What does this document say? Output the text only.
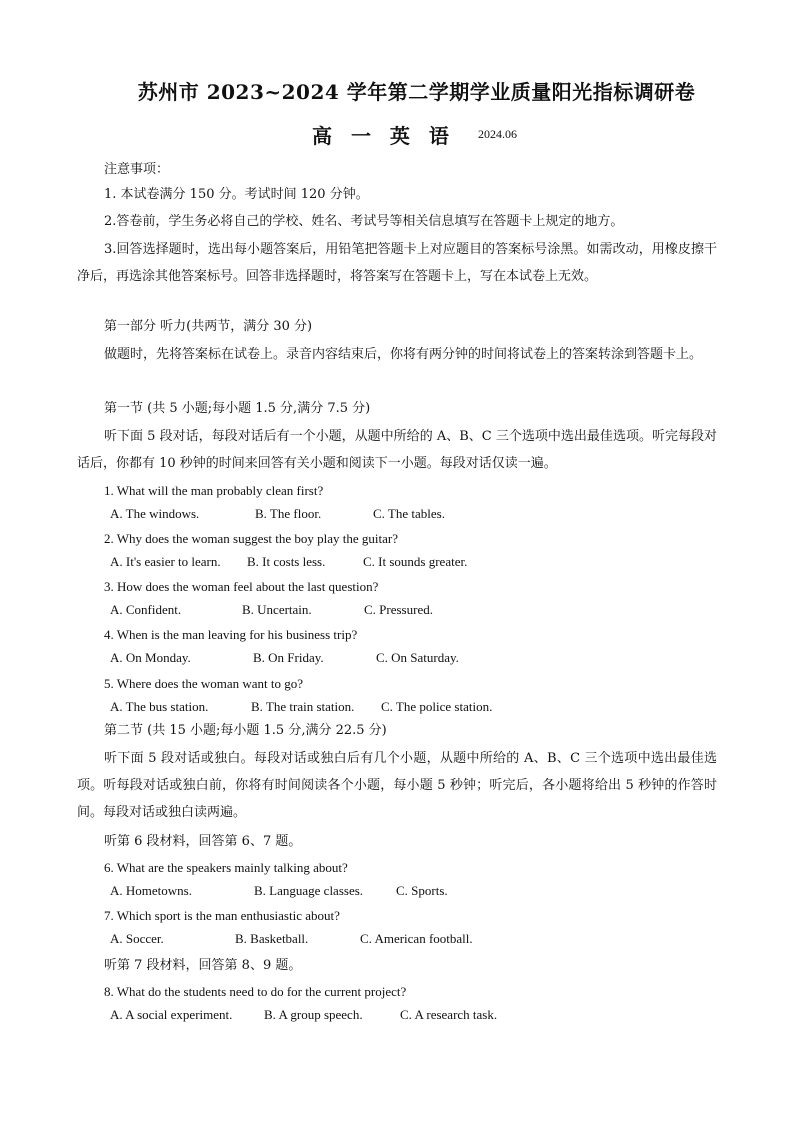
苏州市 2023~2024 学年第二学期学业质量阳光指标调研卷
高 一 英 语 2024.06
注意事项：
1. 本试卷满分 150 分。考试时间 120 分钟。
2.答卷前，学生务必将自己的学校、姓名、考试号等相关信息填写在答题卡上规定的地方。
3.回答选择题时，选出每小题答案后，用铅笔把答题卡上对应题目的答案标号涂黑。如需改动，用橡皮擦干净后，再选涂其他答案标号。回答非选择题时，将答案写在答题卡上，写在本试卷上无效。
第一部分 听力(共两节，满分 30 分)
做题时，先将答案标在试卷上。录音内容结束后，你将有两分钟的时间将试卷上的答案转涂到答题卡上。
第一节 (共 5 小题;每小题 1.5 分,满分 7.5 分)
听下面 5 段对话，每段对话后有一个小题，从题中所给的 A、B、C 三个选项中选出最佳选项。听完每段对话后，你都有 10 秒钟的时间来回答有关小题和阅读下一小题。每段对话仅读一遍。
1. What will the man probably clean first?
A. The windows.	B. The floor.	C. The tables.
2. Why does the woman suggest the boy play the guitar?
A. It's easier to learn. B. It costs less.	C. It sounds greater.
3. How does the woman feel about the last question?
A. Confident.	B. Uncertain.	C. Pressured.
4. When is the man leaving for his business trip?
A. On Monday.	B. On Friday.	C. On Saturday.
5. Where does the woman want to go?
A. The bus station.	B. The train station. C. The police station.
第二节 (共 15 小题;每小题 1.5 分,满分 22.5 分)
听下面 5 段对话或独白。每段对话或独白后有几个小题，从题中所给的 A、B、C 三个选项中选出最佳选项。听每段对话或独白前，你将有时间阅读各个小题，每小题 5 秒钟；听完后，各小题将给出 5 秒钟的作答时间。每段对话或独白读两遍。
听第 6 段材料，回答第 6、7 题。
6. What are the speakers mainly talking about?
A. Hometowns.	B. Language classes.	C. Sports.
7. Which sport is the man enthusiastic about?
A. Soccer.	B. Basketball.	C. American football.
听第 7 段材料，回答第 8、9 题。
8. What do the students need to do for the current project?
A. A social experiment. B. A group speech.	C. A research task.
